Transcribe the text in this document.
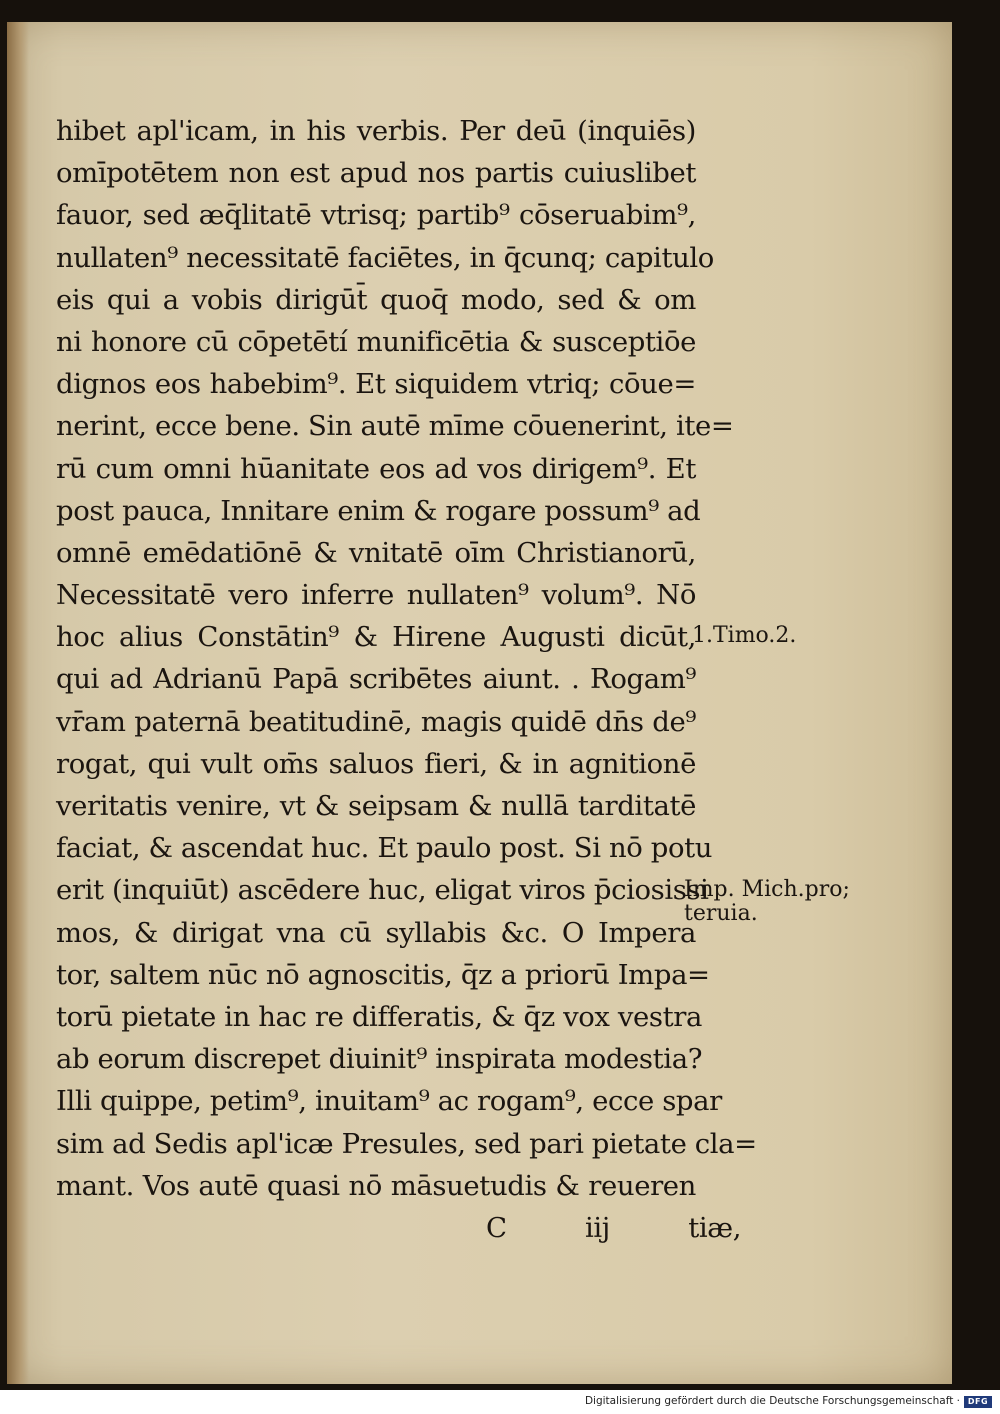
hibet apl'icam, in his verbis. Per deū (inquiēs)
omīpotētem non est apud nos partis cuiuslibet
fauor, sed æq̄litatē vtrisq; partib⁹ cōseruabim⁹,
nullaten⁹ necessitatē faciētes, in q̄cunq; capitulo
eis qui a vobis dirigūt̄ quoq̄ modo, sed & om
ni honore cū cōpetētí munificētia & susceptiōe
dignos eos habebim⁹. Et siquidem vtriq; cōue=
nerint, ecce bene. Sin autē mīme cōuenerint, ite=
rū cum omni hūanitate eos ad vos dirigem⁹. Et
post pauca, Innitare enim & rogare possum⁹ ad
omnē emēdatiōnē & vnitatē oīm Christianorū,
Necessitatē vero inferre nullaten⁹ volum⁹. Nō
hoc alius Constātin⁹ & Hirene Augusti dicūt,
qui ad Adrianū Papā scribētes aiunt. . Rogam⁹
vr̄am paternā beatitudinē, magis quidē dn̄s de⁹
rogat, qui vult om̄s saluos fieri, & in agnitionē
veritatis venire, vt & seipsam & nullā tarditatē
faciat, & ascendat huc. Et paulo post. Si nō potu
erit (inquiūt) ascēdere huc, eligat viros p̄ciosissi
mos, & dirigat vna cū syllabis &c. O Impera
tor, saltem nūc nō agnoscitis, q̄z a priorū Impa=
torū pietate in hac re differatis, & q̄z vox vestra
ab eorum discrepet diuinit⁹ inspirata modestia?
Illi quippe, petim⁹, inuitam⁹ ac rogam⁹, ecce spar
sim ad Sedis apl'icæ Presules, sed pari pietate cla=
mant. Vos autē quasi nō māsuetudis & reueren
C iij	tiæ,
1.Timo.2.
Imp. Mich.pro;
teruia.
Digitalisierung gefördert durch die Deutsche Forschungsgemeinschaft · DFG
